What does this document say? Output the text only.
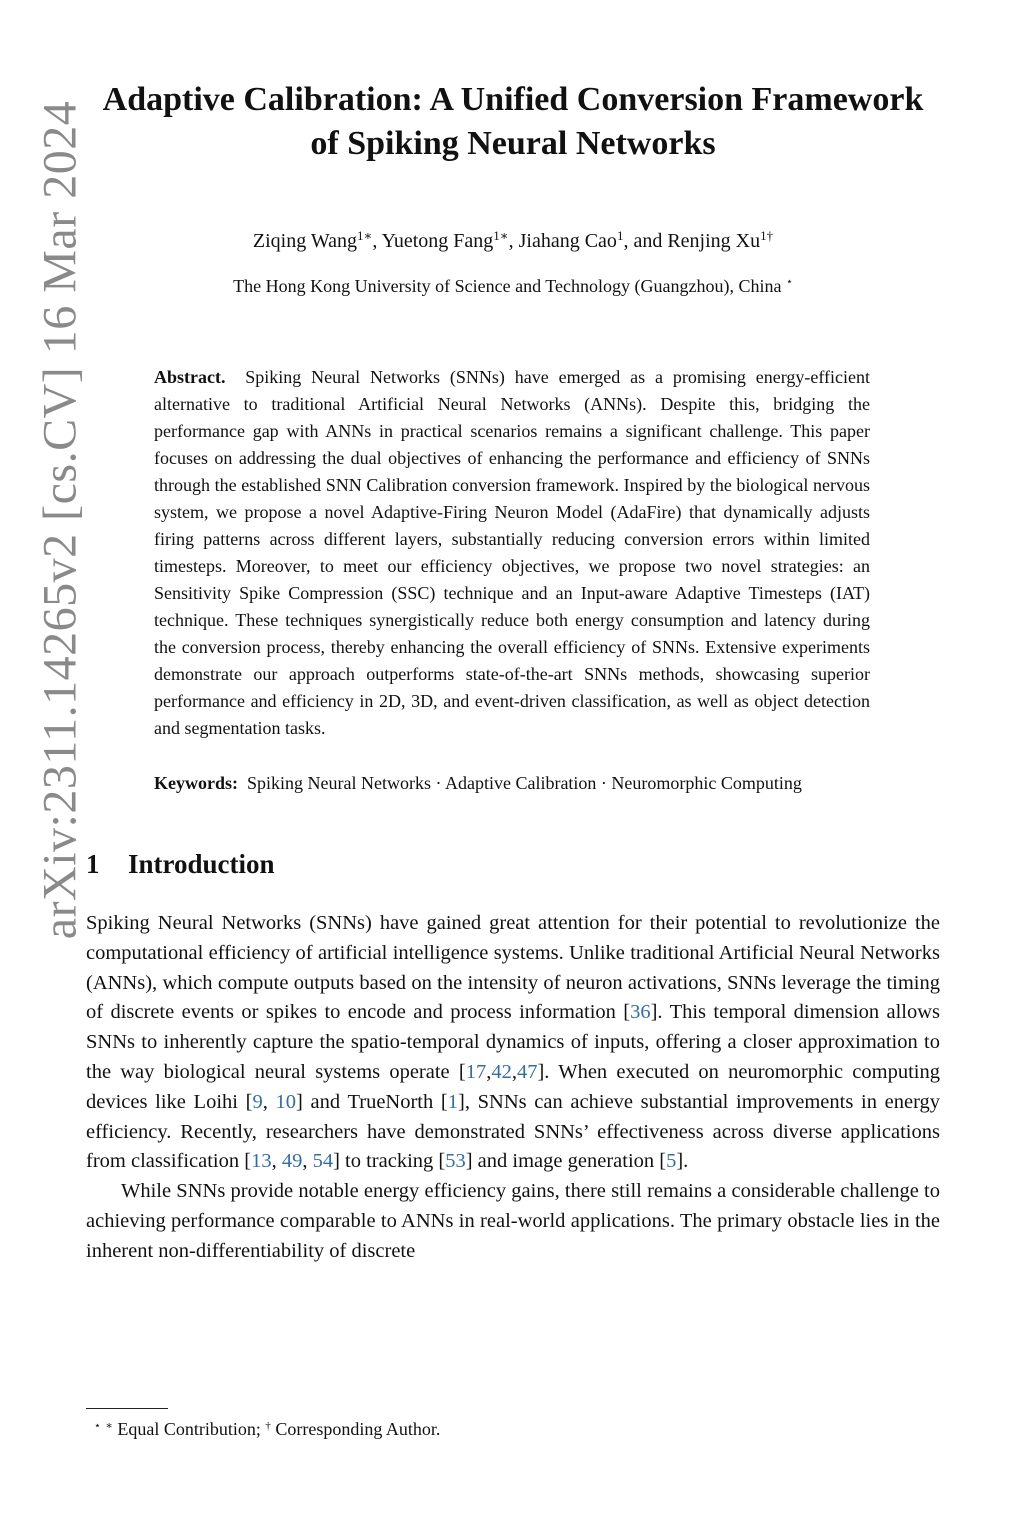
arXiv:2311.14265v2 [cs.CV] 16 Mar 2024
Adaptive Calibration: A Unified Conversion Framework
of Spiking Neural Networks
Ziqing Wang$^{1∗}$, Yuetong Fang$^{1∗}$, Jiahang Cao$^1$, and Renjing $Xu^{1\dagger}$
The Hong Kong University of Science and Technology (Guangzhou), China ⋆
Abstract. Spiking Neural Networks (SNNs) have emerged as a promising energy-efficient alternative to traditional Artificial Neural Networks (ANNs). Despite this, bridging the performance gap with ANNs in practical scenarios remains a significant challenge. This paper focuses on addressing the dual objectives of enhancing the performance and efficiency of SNNs through the established SNN Calibration conversion framework. Inspired by the biological nervous system, we propose a novel Adaptive-Firing Neuron Model (AdaFire) that dynamically adjusts firing patterns across different layers, substantially reducing conversion errors within limited timesteps. Moreover, to meet our efficiency objectives, we propose two novel strategies: an Sensitivity Spike Compression (SSC) technique and an Input-aware Adaptive Timesteps (IAT) technique. These techniques synergistically reduce both energy consumption and latency during the conversion process, thereby enhancing the overall efficiency of SNNs. Extensive experiments demonstrate our approach outperforms state-of-the-art SNNs methods, showcasing superior performance and efficiency in 2D, 3D, and event-driven classification, as well as object detection and segmentation tasks.
Keywords: Spiking Neural Networks · Adaptive Calibration · Neuromorphic Computing
1 Introduction

Spiking Neural Networks (SNNs) have gained great attention for their potential to revolutionize the computational efficiency of artificial intelligence systems. Unlike traditional Artificial Neural Networks (ANNs), which compute outputs based on the intensity of neuron activations, SNNs leverage the timing of discrete events or spikes to encode and process information [36]. This temporal dimension allows SNNs to inherently capture the spatio-temporal dynamics of inputs, offering a closer approximation to the way biological neural systems operate [17,42,47]. When executed on neuromorphic computing devices like Loihi [9, 10] and TrueNorth [1], SNNs can achieve substantial improvements in energy efficiency. Recently, researchers have demonstrated SNNs’ effectiveness across diverse applications from classification [13, 49, 54] to tracking [53] and image generation [5].

While SNNs provide notable energy efficiency gains, there still remains a considerable challenge to achieving performance comparable to ANNs in real-world applications. The primary obstacle lies in the inherent non-differentiability of discrete

⋆ ∗ Equal Contribution; † Corresponding Author.
